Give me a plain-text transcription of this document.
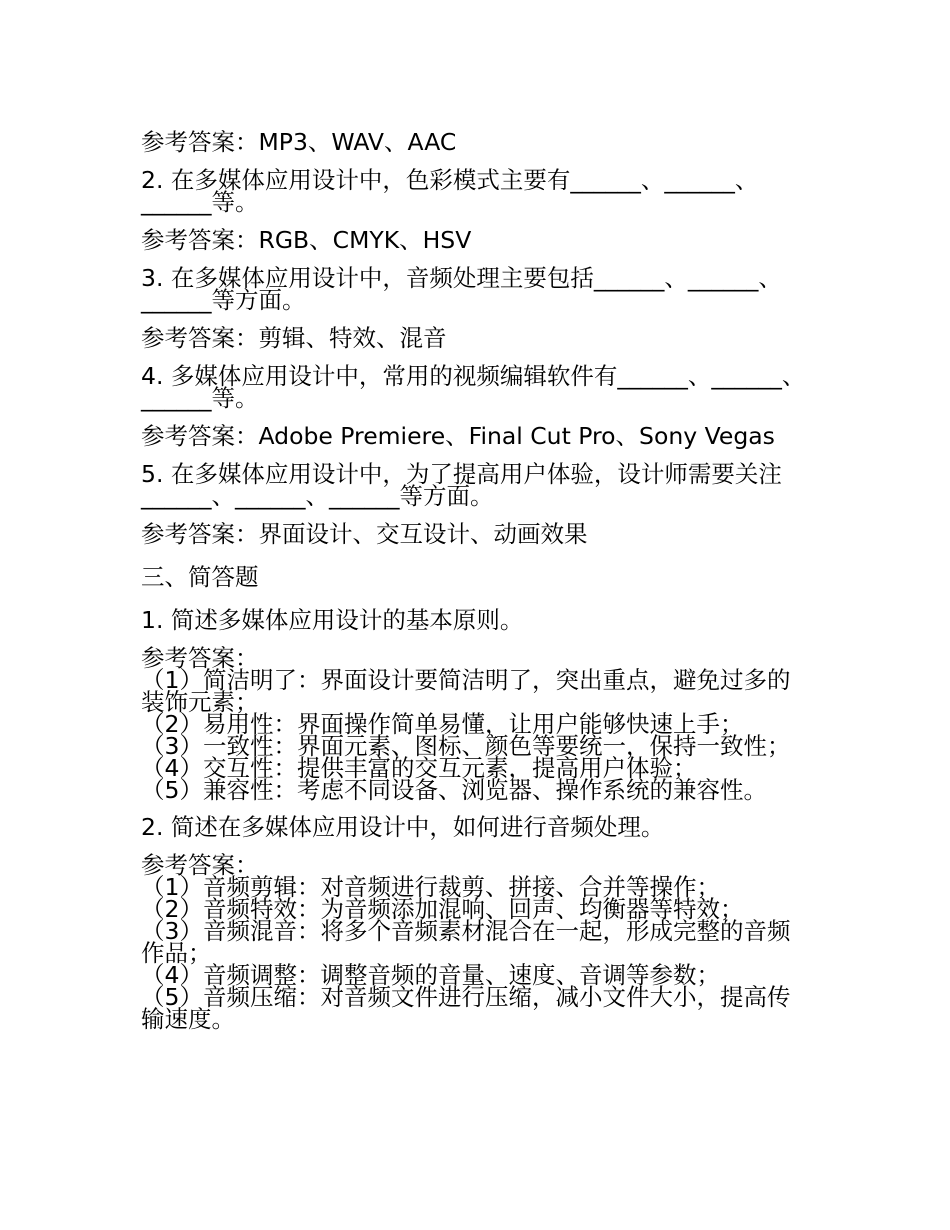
参考答案：MP3、WAV、AAC

2. 在多媒体应用设计中，色彩模式主要有______、______、______等。

参考答案：RGB、CMYK、HSV

3. 在多媒体应用设计中，音频处理主要包括______、______、______等方面。

参考答案：剪辑、特效、混音

4. 多媒体应用设计中，常用的视频编辑软件有______、______、______等。

参考答案：Adobe Premiere、Final Cut Pro、Sony Vegas

5. 在多媒体应用设计中，为了提高用户体验，设计师需要关注______、______、______等方面。

参考答案：界面设计、交互设计、动画效果

三、简答题

1. 简述多媒体应用设计的基本原则。

参考答案：
（1）简洁明了：界面设计要简洁明了，突出重点，避免过多的装饰元素；
（2）易用性：界面操作简单易懂，让用户能够快速上手；
（3）一致性：界面元素、图标、颜色等要统一，保持一致性；
（4）交互性：提供丰富的交互元素，提高用户体验；
（5）兼容性：考虑不同设备、浏览器、操作系统的兼容性。

2. 简述在多媒体应用设计中，如何进行音频处理。

参考答案：
（1）音频剪辑：对音频进行裁剪、拼接、合并等操作；
（2）音频特效：为音频添加混响、回声、均衡器等特效；
（3）音频混音：将多个音频素材混合在一起，形成完整的音频作品；
（4）音频调整：调整音频的音量、速度、音调等参数；
（5）音频压缩：对音频文件进行压缩，减小文件大小，提高传输速度。
